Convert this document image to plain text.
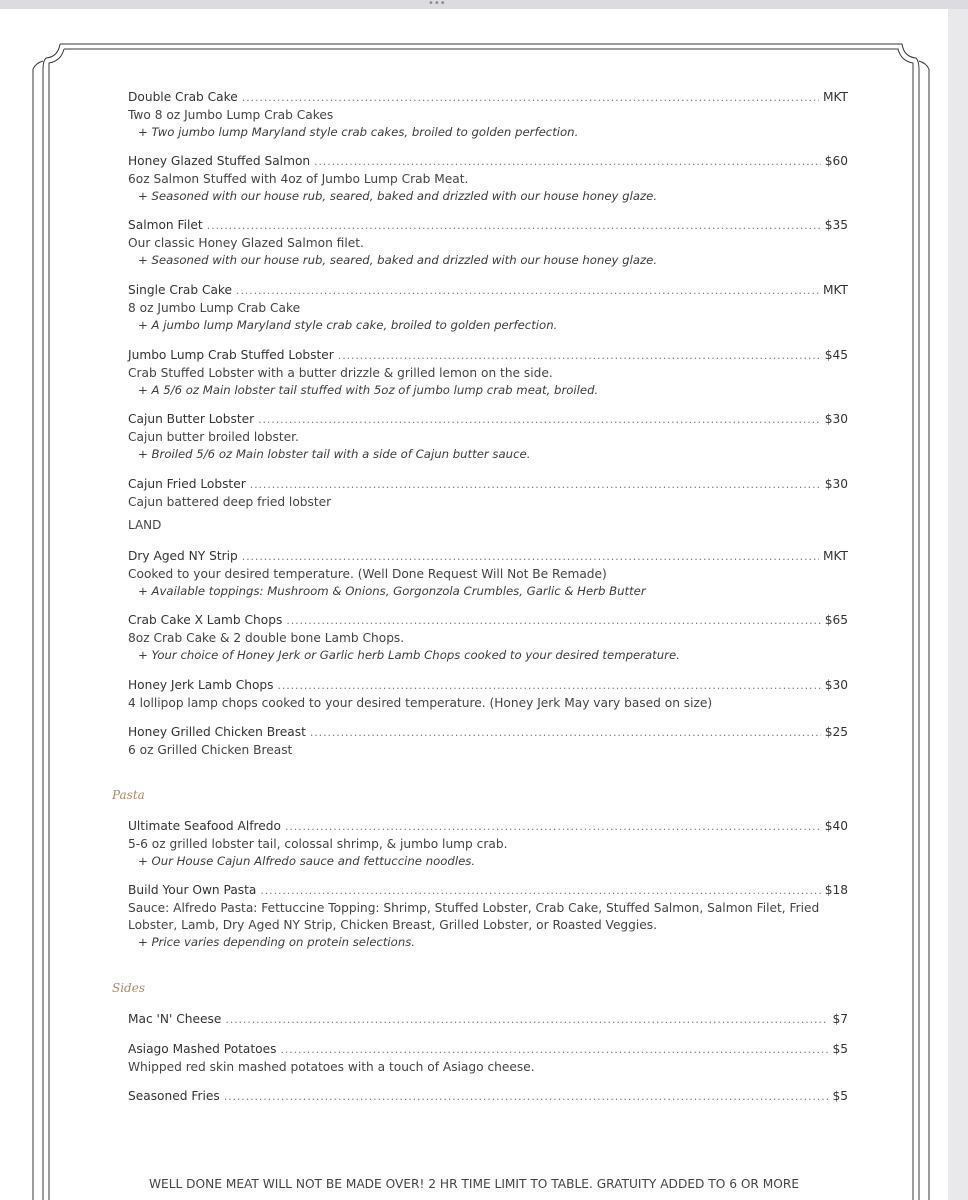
•••
Double Crab Cake . . .	MKT
Two 8 oz Jumbo Lump Crab Cakes
+ Two jumbo lump Maryland style crab cakes, broiled to golden perfection.
Honey Glazed Stuffed Salmon . . .	$60
6oz Salmon Stuffed with 4oz of Jumbo Lump Crab Meat.
+ Seasoned with our house rub, seared, baked and drizzled with our house honey glaze.
Salmon Filet . . .	$35
Our classic Honey Glazed Salmon filet.
+ Seasoned with our house rub, seared, baked and drizzled with our house honey glaze.
Single Crab Cake . . .	MKT
8 oz Jumbo Lump Crab Cake
+ A jumbo lump Maryland style crab cake, broiled to golden perfection.
Jumbo Lump Crab Stuffed Lobster . . .	$45
Crab Stuffed Lobster with a butter drizzle & grilled lemon on the side.
+ A 5/6 oz Main lobster tail stuffed with 5oz of jumbo lump crab meat, broiled.
Cajun Butter Lobster . . .	$30
Cajun butter broiled lobster.
+ Broiled 5/6 oz Main lobster tail with a side of Cajun butter sauce.
Cajun Fried Lobster . . .	$30
Cajun battered deep fried lobster
LAND
Dry Aged NY Strip . . .	MKT
Cooked to your desired temperature. (Well Done Request Will Not Be Remade)
+ Available toppings: Mushroom & Onions, Gorgonzola Crumbles, Garlic & Herb Butter
Crab Cake X Lamb Chops . . .	$65
8oz Crab Cake & 2 double bone Lamb Chops.
+ Your choice of Honey Jerk or Garlic herb Lamb Chops cooked to your desired temperature.
Honey Jerk Lamb Chops . . .	$30
4 lollipop lamp chops cooked to your desired temperature. (Honey Jerk May vary based on size)
Honey Grilled Chicken Breast . . .	$25
6 oz Grilled Chicken Breast
Pasta
Ultimate Seafood Alfredo . . .	$40
5-6 oz grilled lobster tail, colossal shrimp, & jumbo lump crab.
+ Our House Cajun Alfredo sauce and fettuccine noodles.
Build Your Own Pasta . . .	$18
Sauce: Alfredo Pasta: Fettuccine Topping: Shrimp, Stuffed Lobster, Crab Cake, Stuffed Salmon, Salmon Filet, Fried Lobster, Lamb, Dry Aged NY Strip, Chicken Breast, Grilled Lobster, or Roasted Veggies.
+ Price varies depending on protein selections.
Sides
Mac 'N' Cheese . . .	$7
Asiago Mashed Potatoes . . .	$5
Whipped red skin mashed potatoes with a touch of Asiago cheese.
Seasoned Fries . . .	$5
WELL DONE MEAT WILL NOT BE MADE OVER! 2 HR TIME LIMIT TO TABLE. GRATUITY ADDED TO 6 OR MORE
